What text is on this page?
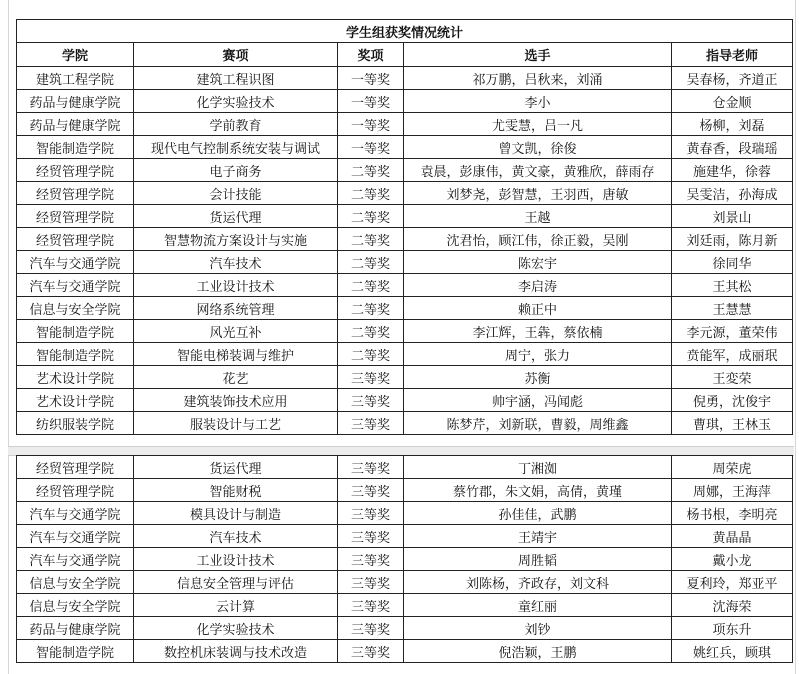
学生组获奖情况统计				
学院	赛项	奖项	选手	指导老师
建筑工程学院	建筑工程识图	一等奖	祁万鹏，吕秋来，刘涌	吴春杨，齐道正
药品与健康学院	化学实验技术	一等奖	李小	仓金顺
药品与健康学院	学前教育	一等奖	尤雯慧，吕一凡	杨柳，刘磊
智能制造学院	现代电气控制系统安装与调试	一等奖	曾文凯，徐俊	黄春香，段瑞瑶
经贸管理学院	电子商务	二等奖	袁晨，彭康伟，黄文豪，黄雅欣，薛雨存	施建华，徐蓉
经贸管理学院	会计技能	二等奖	刘梦尧，彭智慧，王羽西，唐敏	吴雯洁，孙海成
经贸管理学院	货运代理	二等奖	王越	刘景山
经贸管理学院	智慧物流方案设计与实施	二等奖	沈君怡，顾江伟，徐正毅，吴刚	刘廷雨，陈月新
汽车与交通学院	汽车技术	二等奖	陈宏宇	徐同华
汽车与交通学院	工业设计技术	二等奖	李启涛	王其松
信息与安全学院	网络系统管理	二等奖	赖正中	王慧慧
智能制造学院	风光互补	二等奖	李江辉，王犇，蔡依楠	李元源，董荣伟
智能制造学院	智能电梯装调与维护	二等奖	周宁，张力	贲能军，成丽珉
艺术设计学院	花艺	三等奖	苏衡	王変荣
艺术设计学院	建筑装饰技术应用	三等奖	帅宇涵，冯闻彪	倪勇，沈俊宇
纺织服装学院	服装设计与工艺	三等奖	陈梦芹，刘新联，曹毅，周维鑫	曹琪，王林玉
经贸管理学院	货运代理	三等奖	丁湘洳	周荣虎
经贸管理学院	智能财税	三等奖	蔡竹郡，朱文娟，高倩，黄瑾	周娜，王海萍
汽车与交通学院	模具设计与制造	三等奖	孙佳佳，武鹏	杨书根，李明亮
汽车与交通学院	汽车技术	三等奖	王靖宇	黄晶晶
汽车与交通学院	工业设计技术	三等奖	周胜韬	戴小龙
信息与安全学院	信息安全管理与评估	三等奖	刘陈杨，齐政存，刘文科	夏利玲，郑亚平
信息与安全学院	云计算	三等奖	童红丽	沈海荣
药品与健康学院	化学实验技术	三等奖	刘钞	项东升
智能制造学院	数控机床装调与技术改造	三等奖	倪浩颖，王鹏	姚红兵，顾琪
